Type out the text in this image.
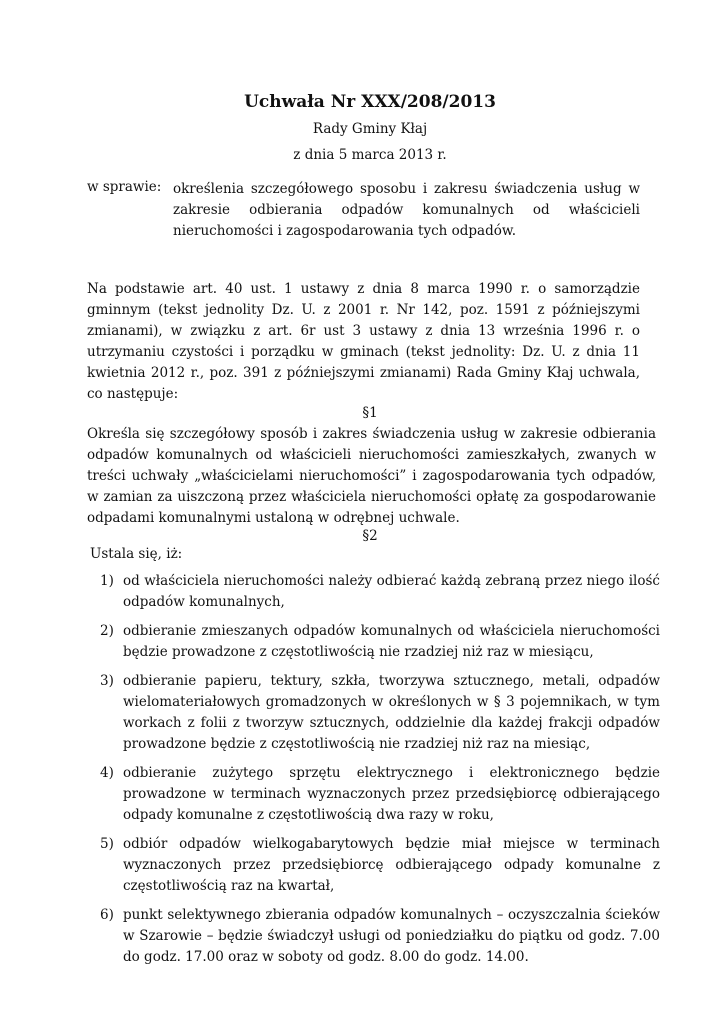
Uchwała Nr XXX/208/2013
Rady Gminy Kłaj
z dnia 5 marca 2013 r.
w sprawie: określenia szczegółowego sposobu i zakresu świadczenia usług w zakresie odbierania odpadów komunalnych od właścicieli nieruchomości i zagospodarowania tych odpadów.
Na podstawie art. 40 ust. 1 ustawy z dnia 8 marca 1990 r. o samorządzie gminnym (tekst jednolity Dz. U. z 2001 r. Nr 142, poz. 1591 z późniejszymi zmianami), w związku z art. 6r ust 3 ustawy z dnia 13 września 1996 r. o utrzymaniu czystości i porządku w gminach (tekst jednolity: Dz. U. z dnia 11 kwietnia 2012 r., poz. 391 z późniejszymi zmianami) Rada Gminy Kłaj uchwala, co następuje:
§1
Określa się szczegółowy sposób i zakres świadczenia usług w zakresie odbierania odpadów komunalnych od właścicieli nieruchomości zamieszkałych, zwanych w treści uchwały „właścicielami nieruchomości” i zagospodarowania tych odpadów, w zamian za uiszczoną przez właściciela nieruchomości opłatę za gospodarowanie odpadami komunalnymi ustaloną w odrębnej uchwale.
§2
Ustala się, iż:
1) od właściciela nieruchomości należy odbierać każdą zebraną przez niego ilość odpadów komunalnych,
2) odbieranie zmieszanych odpadów komunalnych od właściciela nieruchomości będzie prowadzone z częstotliwością nie rzadziej niż raz w miesiącu,
3) odbieranie papieru, tektury, szkła, tworzywa sztucznego, metali, odpadów wielomateriałowych gromadzonych w określonych w § 3 pojemnikach, w tym workach z folii z tworzyw sztucznych, oddzielnie dla każdej frakcji odpadów prowadzone będzie z częstotliwością nie rzadziej niż raz na miesiąc,
4) odbieranie zużytego sprzętu elektrycznego i elektronicznego będzie prowadzone w terminach wyznaczonych przez przedsiębiorcę odbierającego odpady komunalne z częstotliwością dwa razy w roku,
5) odbiór odpadów wielkogabarytowych będzie miał miejsce w terminach wyznaczonych przez przedsiębiorcę odbierającego odpady komunalne z częstotliwością raz na kwartał,
6) punkt selektywnego zbierania odpadów komunalnych – oczyszczalnia ścieków w Szarowie – będzie świadczył usługi od poniedziałku do piątku od godz. 7.00 do godz. 17.00 oraz w soboty od godz. 8.00 do godz. 14.00.
